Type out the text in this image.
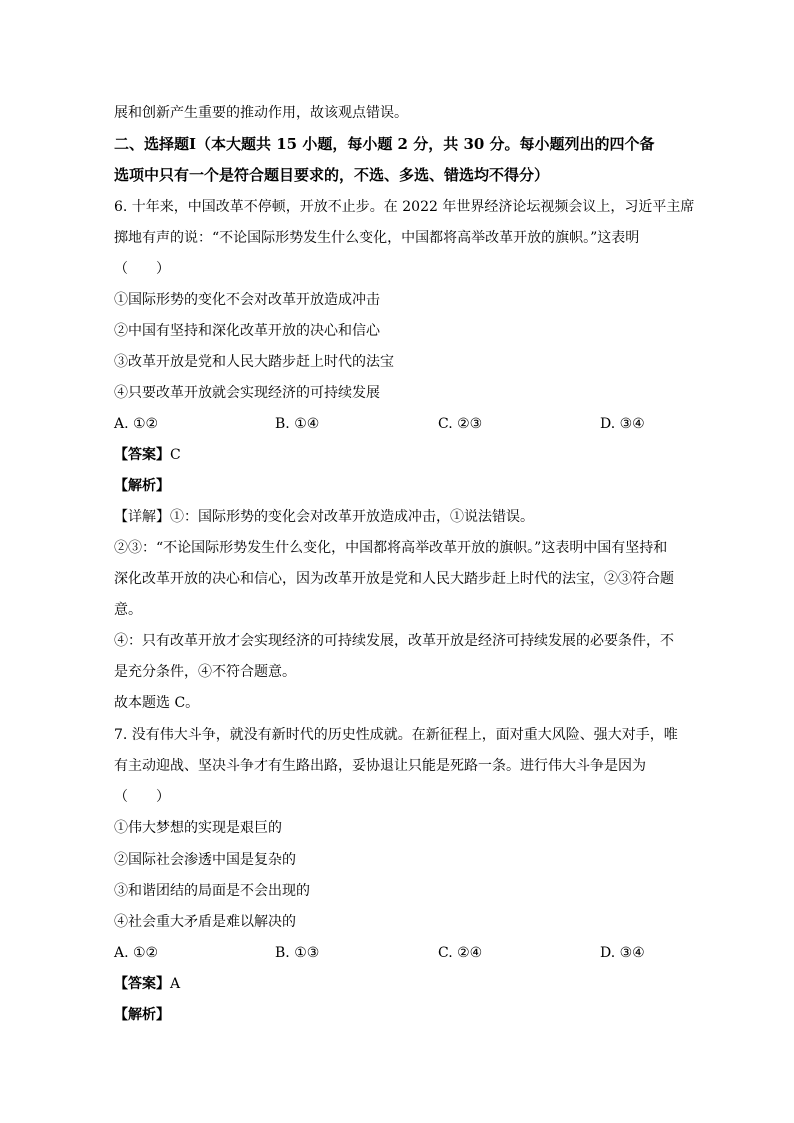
展和创新产生重要的推动作用，故该观点错误。
二、选择题Ⅰ（本大题共 15 小题，每小题 2 分，共 30 分。每小题列出的四个备
选项中只有一个是符合题目要求的，不选、多选、错选均不得分）
6. 十年来，中国改革不停顿，开放不止步。在 2022 年世界经济论坛视频会议上，习近平主席
掷地有声的说：“不论国际形势发生什么变化，中国都将高举改革开放的旗帜。”这表明
（　　）
①国际形势的变化不会对改革开放造成冲击
②中国有坚持和深化改革开放的决心和信心
③改革开放是党和人民大踏步赶上时代的法宝
④只要改革开放就会实现经济的可持续发展
A. ①②	B. ①④	C. ②③	D. ③④
【答案】C
【解析】
【详解】①：国际形势的变化会对改革开放造成冲击，①说法错误。
②③：“不论国际形势发生什么变化，中国都将高举改革开放的旗帜。”这表明中国有坚持和
深化改革开放的决心和信心，因为改革开放是党和人民大踏步赶上时代的法宝，②③符合题
意。
④：只有改革开放才会实现经济的可持续发展，改革开放是经济可持续发展的必要条件，不
是充分条件，④不符合题意。
故本题选 C。
7. 没有伟大斗争，就没有新时代的历史性成就。在新征程上，面对重大风险、强大对手，唯
有主动迎战、坚决斗争才有生路出路，妥协退让只能是死路一条。进行伟大斗争是因为
（　　）
①伟大梦想的实现是艰巨的
②国际社会渗透中国是复杂的
③和谐团结的局面是不会出现的
④社会重大矛盾是难以解决的
A. ①②	B. ①③	C. ②④	D. ③④
【答案】A
【解析】
